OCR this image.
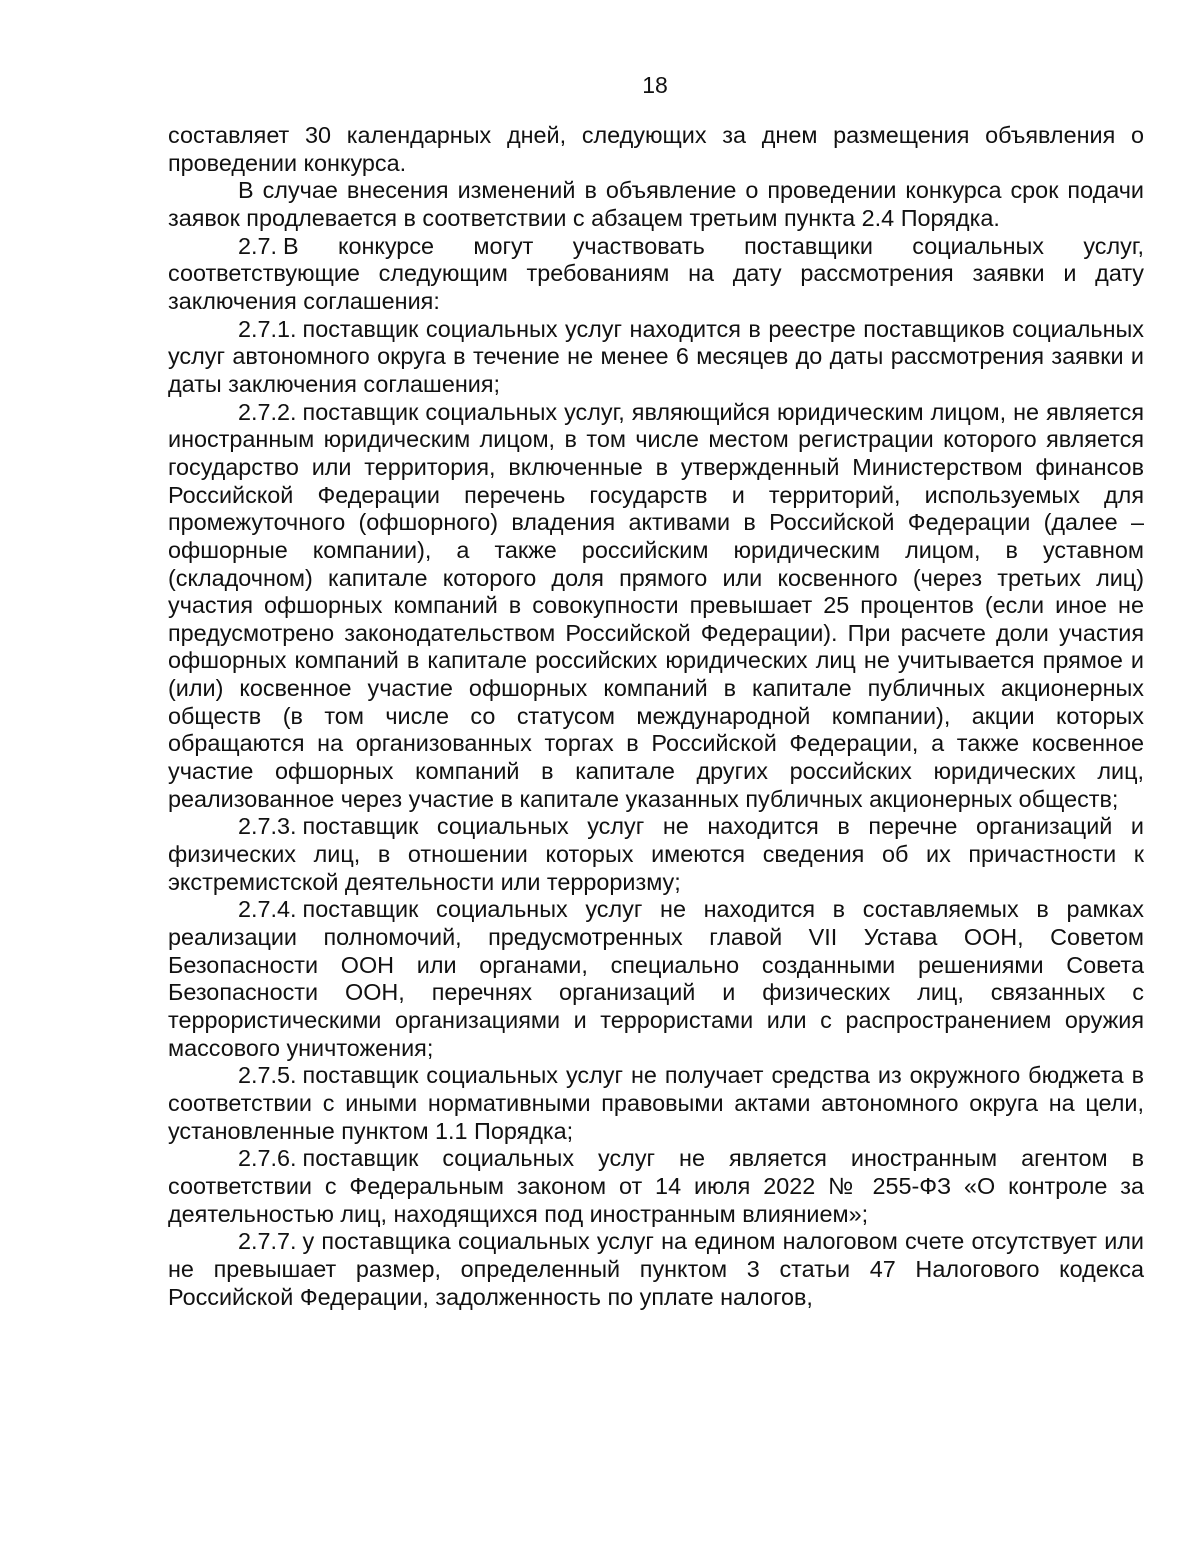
18

составляет 30 календарных дней, следующих за днем размещения объявления о проведении конкурса.

В случае внесения изменений в объявление о проведении конкурса срок подачи заявок продлевается в соответствии с абзацем третьим пункта 2.4 Порядка.

2.7. В конкурсе могут участвовать поставщики социальных услуг, соответствующие следующим требованиям на дату рассмотрения заявки и дату заключения соглашения:

2.7.1. поставщик социальных услуг находится в реестре поставщиков социальных услуг автономного округа в течение не менее 6 месяцев до даты рассмотрения заявки и даты заключения соглашения;

2.7.2. поставщик социальных услуг, являющийся юридическим лицом, не является иностранным юридическим лицом, в том числе местом регистрации которого является государство или территория, включенные в утвержденный Министерством финансов Российской Федерации перечень государств и территорий, используемых для промежуточного (офшорного) владения активами в Российской Федерации (далее – офшорные компании), а также российским юридическим лицом, в уставном (складочном) капитале которого доля прямого или косвенного (через третьих лиц) участия офшорных компаний в совокупности превышает 25 процентов (если иное не предусмотрено законодательством Российской Федерации). При расчете доли участия офшорных компаний в капитале российских юридических лиц не учитывается прямое и (или) косвенное участие офшорных компаний в капитале публичных акционерных обществ (в том числе со статусом международной компании), акции которых обращаются на организованных торгах в Российской Федерации, а также косвенное участие офшорных компаний в капитале других российских юридических лиц, реализованное через участие в капитале указанных публичных акционерных обществ;

2.7.3. поставщик социальных услуг не находится в перечне организаций и физических лиц, в отношении которых имеются сведения об их причастности к экстремистской деятельности или терроризму;

2.7.4. поставщик социальных услуг не находится в составляемых в рамках реализации полномочий, предусмотренных главой VII Устава ООН, Советом Безопасности ООН или органами, специально созданными решениями Совета Безопасности ООН, перечнях организаций и физических лиц, связанных с террористическими организациями и террористами или с распространением оружия массового уничтожения;

2.7.5. поставщик социальных услуг не получает средства из окружного бюджета в соответствии с иными нормативными правовыми актами автономного округа на цели, установленные пунктом 1.1 Порядка;

2.7.6. поставщик социальных услуг не является иностранным агентом в соответствии с Федеральным законом от 14 июля 2022 № 255-ФЗ «О контроле за деятельностью лиц, находящихся под иностранным влиянием»;

2.7.7. у поставщика социальных услуг на едином налоговом счете отсутствует или не превышает размер, определенный пунктом 3 статьи 47 Налогового кодекса Российской Федерации, задолженность по уплате налогов,
